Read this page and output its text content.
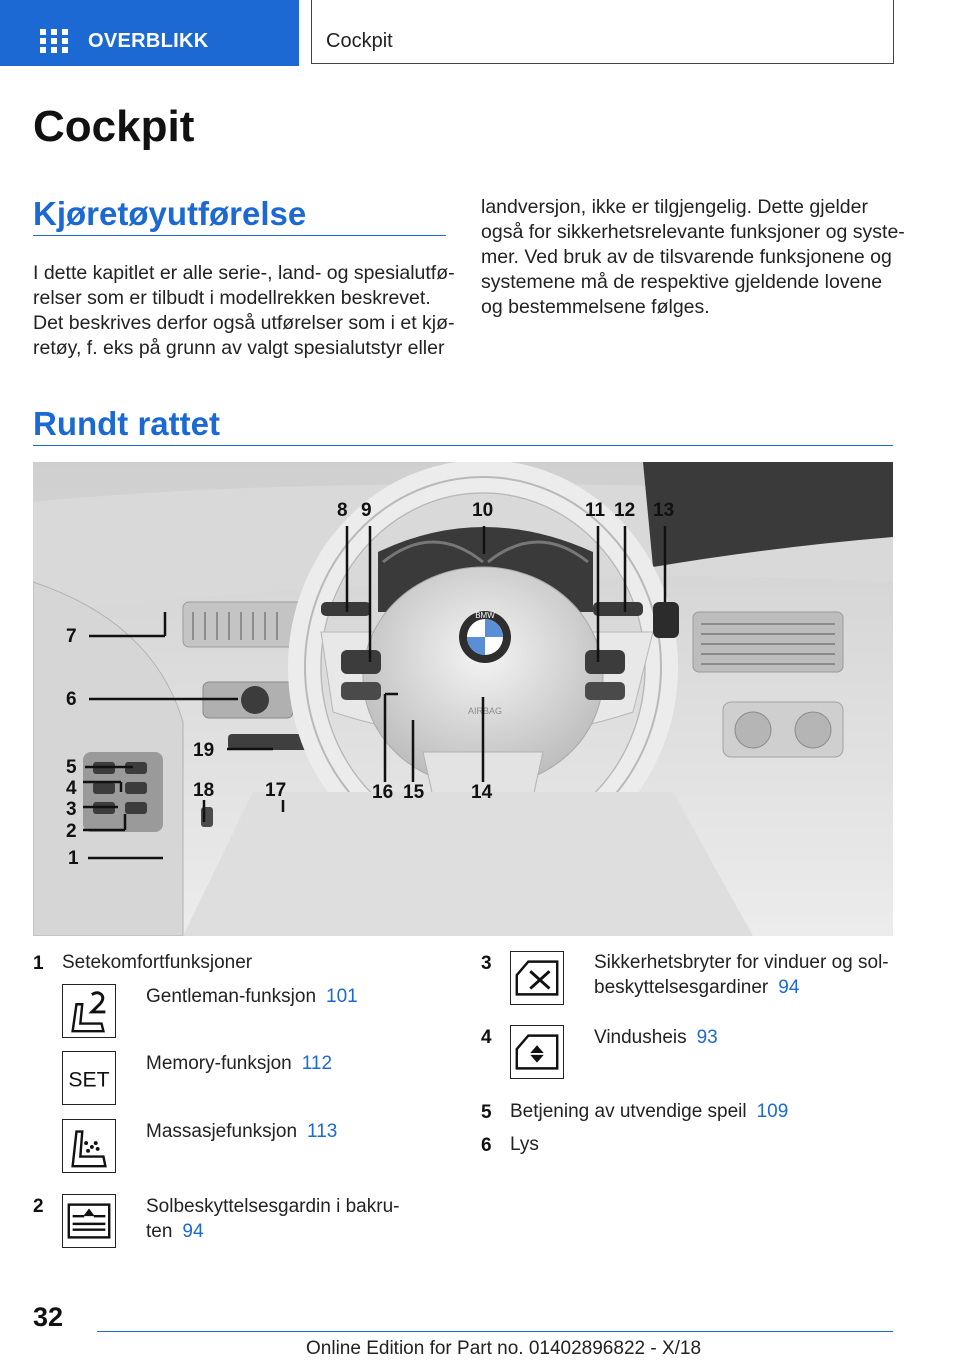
OVERBLIKK	Cockpit
Cockpit
Kjøretøyutførelse
I dette kapitlet er alle serie-, land- og spesialutfø-
relser som er tilbudt i modellrekken beskrevet.
Det beskrives derfor også utførelser som i et kjø-
retøy, f. eks på grunn av valgt spesialutstyr eller
landversjon, ikke er tilgjengelig. Dette gjelder
også for sikkerhetsrelevante funksjoner og syste-
mer. Ved bruk av de tilsvarende funksjonene og
systemene må de respektive gjeldende lovene
og bestemmelsene følges.
Rundt rattet
BMW
AIRBAG
7
6
5
4
3
2
1
19
18	17
8 9	10	11 12 13
16 15 14
1 Setekomfortfunksjoner
Gentleman-funksjon 101
SET
Memory-funksjon 112
Massasjefunksjon 113
2	Solbeskyttelsesgardin i bakru-
ten 94
3	Sikkerhetsbryter for vinduer og sol-
beskyttelsesgardiner 94
4	Vindusheis 93
5 Betjening av utvendige speil 109
6 Lys
32
Online Edition for Part no. 01402896822 - X/18
